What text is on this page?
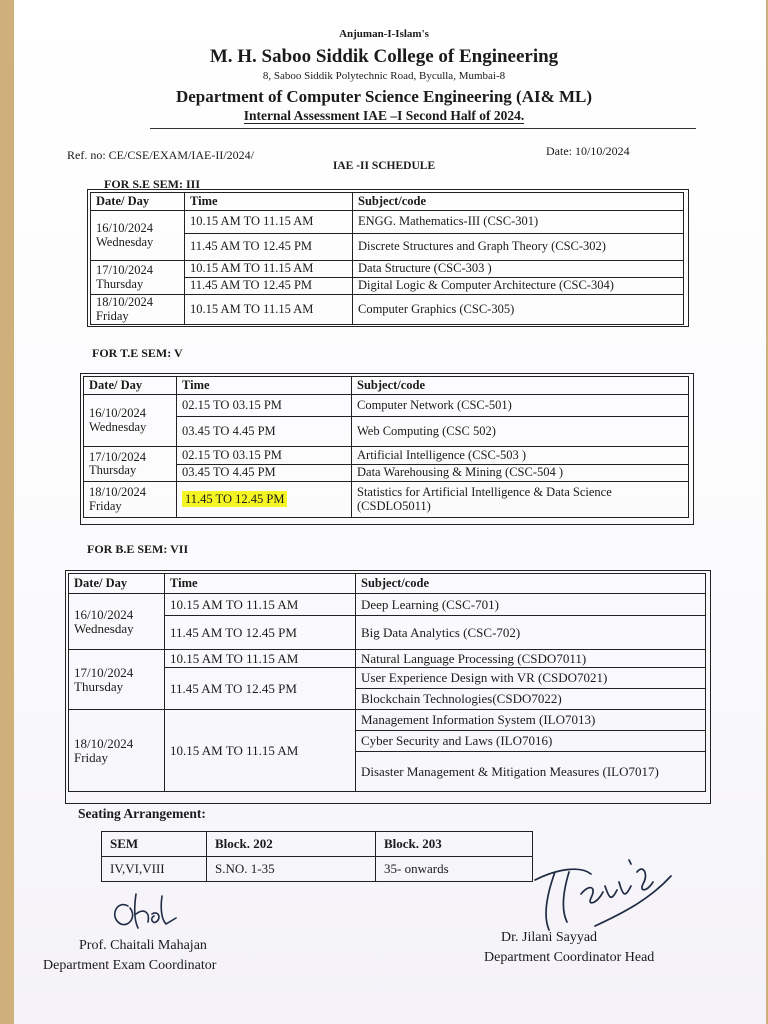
Anjuman-I-Islam's
M. H. Saboo Siddik College of Engineering
8, Saboo Siddik Polytechnic Road, Byculla, Mumbai-8
Department of Computer Science Engineering (AI& ML)
Internal Assessment IAE –I Second Half of 2024.
Ref. no: CE/CSE/EXAM/IAE-II/2024/	Date: 10/10/2024
IAE -II SCHEDULE
FOR S.E SEM: III
Date/ Day	Time	Subject/code

16/10/2024
Wednesday	10.15 AM TO 11.15 AM	ENGG. Mathematics-III (CSC-301)
	11.45 AM TO 12.45 PM	Discrete Structures and Graph Theory (CSC-302)

17/10/2024
Thursday	10.15 AM TO 11.15 AM	Data Structure (CSC-303 )
	11.45 AM TO 12.45 PM	Digital Logic & Computer Architecture (CSC-304)

18/10/2024
Friday	10.15 AM TO 11.15 AM	Computer Graphics (CSC-305)
FOR T.E SEM: V
Date/ Day	Time	Subject/code

16/10/2024
Wednesday	02.15 TO 03.15 PM	Computer Network (CSC-501)
	03.45 TO 4.45 PM	Web Computing (CSC 502)

17/10/2024
Thursday	02.15 TO 03.15 PM	Artificial Intelligence (CSC-503 )
	03.45 TO 4.45 PM	Data Warehousing & Mining (CSC-504 )

18/10/2024
Friday	11.45 TO 12.45 PM	Statistics for Artificial Intelligence & Data Science (CSDLO5011)
FOR B.E SEM: VII
Date/ Day	Time	Subject/code

16/10/2024
Wednesday	10.15 AM TO 11.15 AM	Deep Learning (CSC-701)
	11.45 AM TO 12.45 PM	Big Data Analytics (CSC-702)

17/10/2024
Thursday	10.15 AM TO 11.15 AM	Natural Language Processing (CSDO7011)
	11.45 AM TO 12.45 PM	User Experience Design with VR (CSDO7021)
		Blockchain Technologies(CSDO7022)

18/10/2024
Friday	10.15 AM TO 11.15 AM	Management Information System (ILO7013)
		Cyber Security and Laws (ILO7016)
		Disaster Management & Mitigation Measures (ILO7017)
Seating Arrangement:
SEM	Block. 202	Block. 203
IV,VI,VIII	S.NO. 1-35	35- onwards
Prof. Chaitali Mahajan
Department Exam Coordinator
Dr. Jilani Sayyad
Department Coordinator Head
